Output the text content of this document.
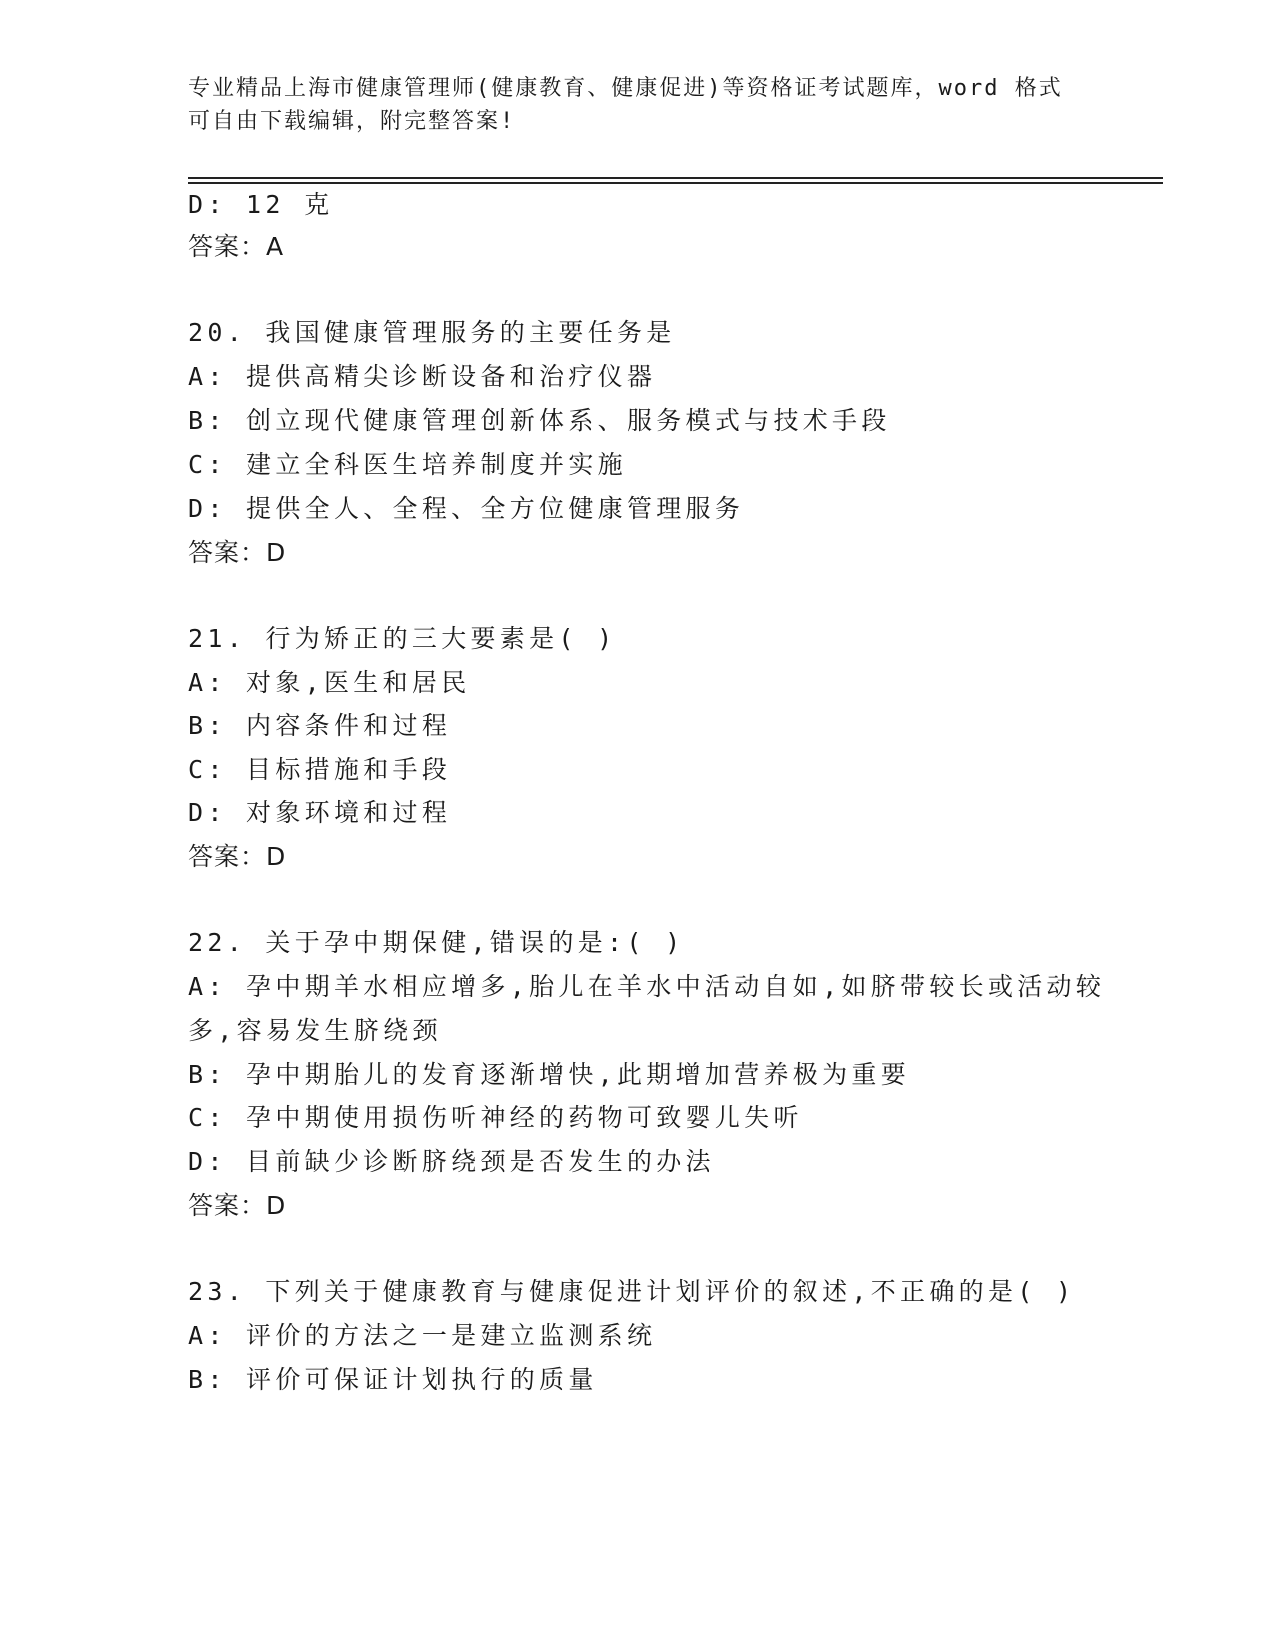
专业精品上海市健康管理师(健康教育、健康促进)等资格证考试题库，word 格式
可自由下载编辑，附完整答案!
D: 12 克
答案：A
20. 我国健康管理服务的主要任务是
A: 提供高精尖诊断设备和治疗仪器
B: 创立现代健康管理创新体系、服务模式与技术手段
C: 建立全科医生培养制度并实施
D: 提供全人、全程、全方位健康管理服务
答案：D
21. 行为矫正的三大要素是( )
A: 对象,医生和居民
B: 内容条件和过程
C: 目标措施和手段
D: 对象环境和过程
答案：D
22. 关于孕中期保健,错误的是:( )
A: 孕中期羊水相应增多,胎儿在羊水中活动自如,如脐带较长或活动较
多,容易发生脐绕颈
B: 孕中期胎儿的发育逐渐增快,此期增加营养极为重要
C: 孕中期使用损伤听神经的药物可致婴儿失听
D: 目前缺少诊断脐绕颈是否发生的办法
答案：D
23. 下列关于健康教育与健康促进计划评价的叙述,不正确的是( )
A: 评价的方法之一是建立监测系统
B: 评价可保证计划执行的质量
